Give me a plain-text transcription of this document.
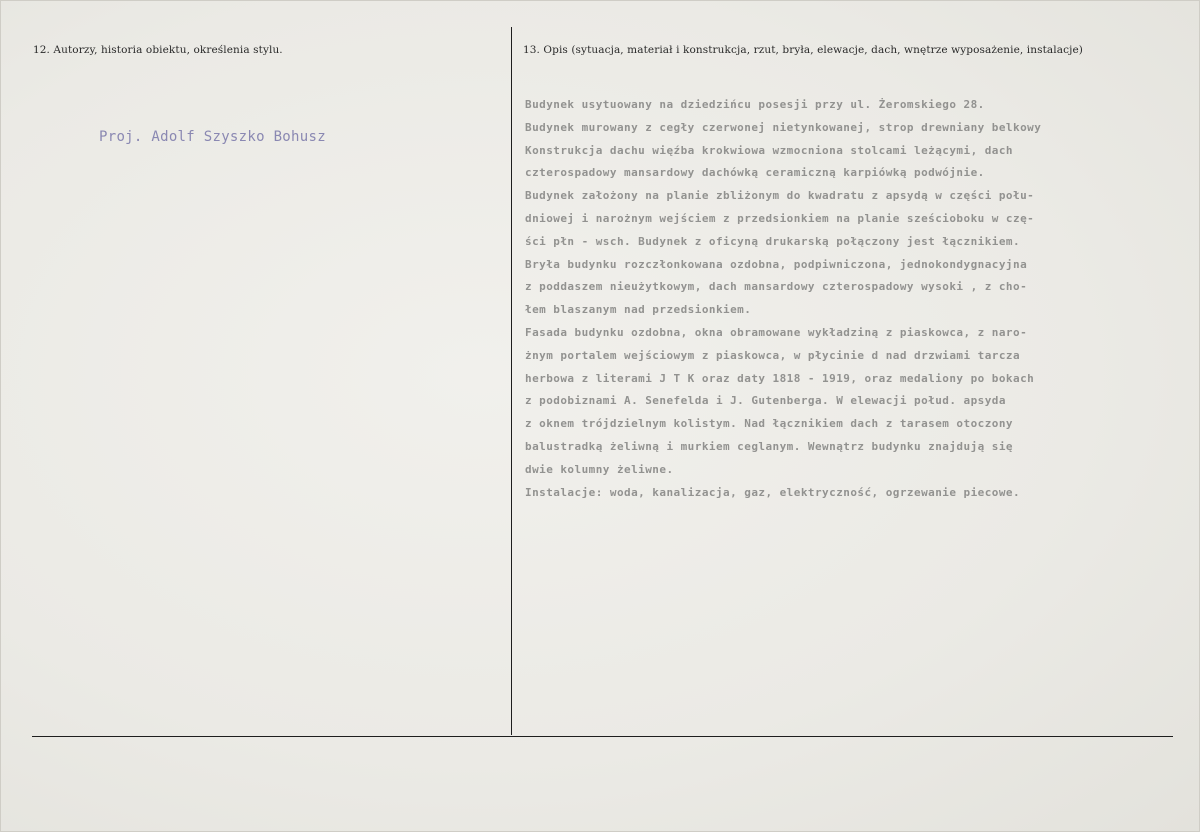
12. Autorzy, historia obiektu, określenia stylu.
Proj. Adolf Szyszko Bohusz
13. Opis (sytuacja, materiał i konstrukcja, rzut, bryła, elewacje, dach, wnętrze wyposażenie, instalacje)
Budynek usytuowany na dziedzińcu posesji przy ul. Żeromskiego 28.
Budynek murowany z cegły czerwonej nietynkowanej, strop drewniany belkowy
Konstrukcja dachu więźba krokwiowa wzmocniona stolcami leżącymi, dach
czterospadowy mansardowy dachówką ceramiczną karpiówką podwójnie.
Budynek założony na planie zbliżonym do kwadratu z apsydą w części połu-
dniowej i narożnym wejściem z przedsionkiem na planie sześcioboku w czę-
ści płn - wsch. Budynek z oficyną drukarską połączony jest łącznikiem.
Bryła budynku rozczłonkowana ozdobna, podpiwniczona, jednokondygnacyjna
z poddaszem nieużytkowym, dach mansardowy czterospadowy wysoki , z cho-
łem blaszanym nad przedsionkiem.
Fasada budynku ozdobna, okna obramowane wykładziną z piaskowca, z naro-
żnym portalem wejściowym z piaskowca, w płycinie d nad drzwiami tarcza
herbowa z literami J T K oraz daty 1818 - 1919, oraz medaliony po bokach
z podobiznami A. Senefelda i J. Gutenberga. W elewacji połud. apsyda
z oknem trójdzielnym kolistym. Nad łącznikiem dach z tarasem otoczony
balustradką żeliwną i murkiem ceglanym. Wewnątrz budynku znajdują się
dwie kolumny żeliwne.
Instalacje: woda, kanalizacja, gaz, elektryczność, ogrzewanie piecowe.
